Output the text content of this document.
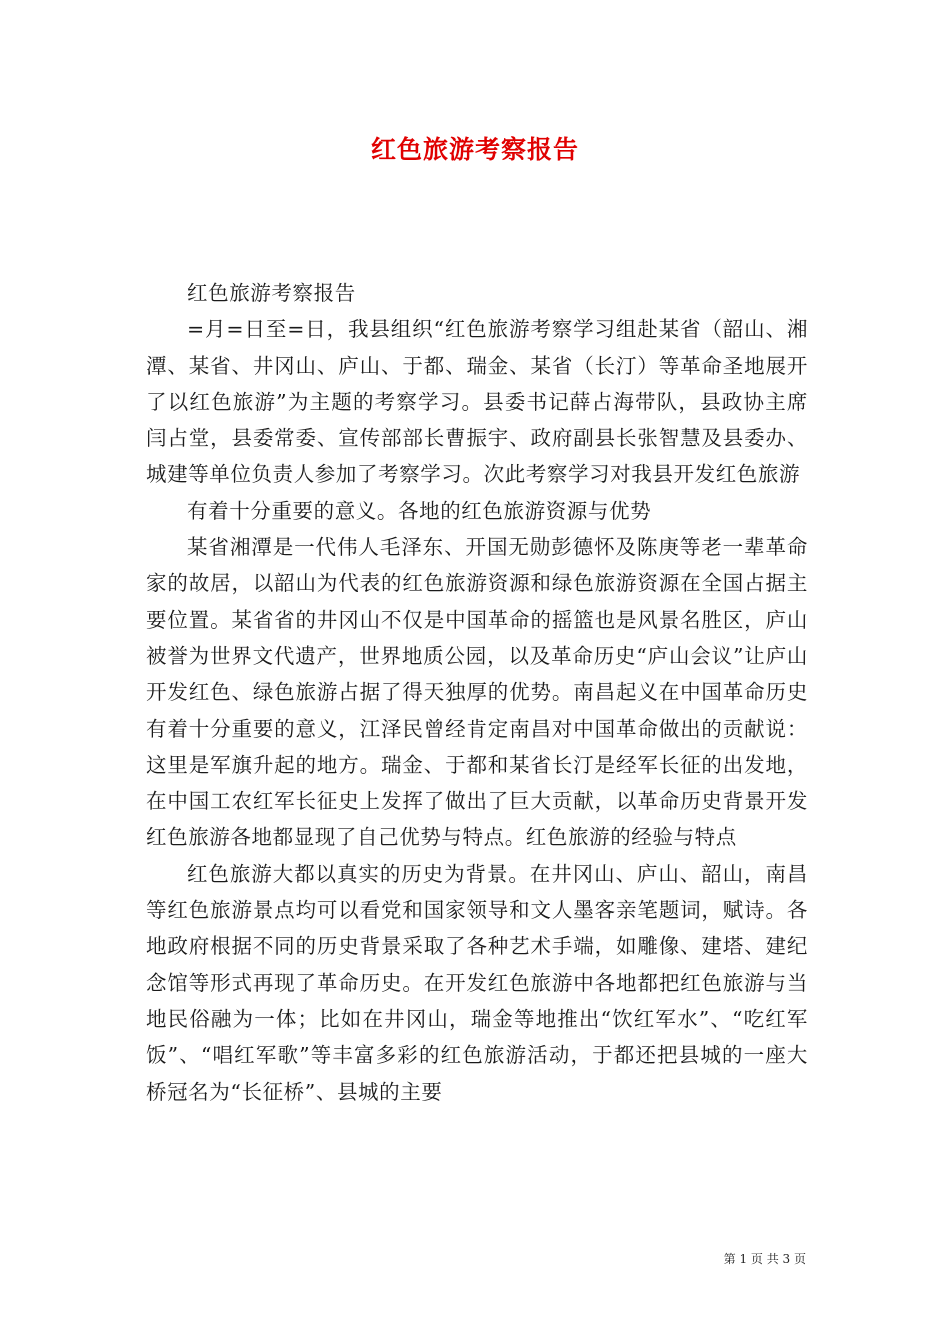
红色旅游考察报告

红色旅游考察报告

=月=日至=日，我县组织“红色旅游考察学习组赴某省（韶山、湘潭、某省、井冈山、庐山、于都、瑞金、某省（长汀）等革命圣地展开了以红色旅游”为主题的考察学习。县委书记薛占海带队，县政协主席闫占堂，县委常委、宣传部部长曹振宇、政府副县长张智慧及县委办、城建等单位负责人参加了考察学习。次此考察学习对我县开发红色旅游

有着十分重要的意义。各地的红色旅游资源与优势

某省湘潭是一代伟人毛泽东、开国无勋彭德怀及陈庚等老一辈革命家的故居，以韶山为代表的红色旅游资源和绿色旅游资源在全国占据主要位置。某省省的井冈山不仅是中国革命的摇篮也是风景名胜区，庐山被誉为世界文代遗产，世界地质公园，以及革命历史“庐山会议”让庐山开发红色、绿色旅游占据了得天独厚的优势。南昌起义在中国革命历史有着十分重要的意义，江泽民曾经肯定南昌对中国革命做出的贡献说：这里是军旗升起的地方。瑞金、于都和某省长汀是经军长征的出发地，在中国工农红军长征史上发挥了做出了巨大贡献，以革命历史背景开发红色旅游各地都显现了自己优势与特点。红色旅游的经验与特点

红色旅游大都以真实的历史为背景。在井冈山、庐山、韶山，南昌等红色旅游景点均可以看党和国家领导和文人墨客亲笔题词，赋诗。各地政府根据不同的历史背景采取了各种艺术手端，如雕像、建塔、建纪念馆等形式再现了革命历史。在开发红色旅游中各地都把红色旅游与当地民俗融为一体；比如在井冈山，瑞金等地推出“饮红军水”、“吃红军饭”、“唱红军歌”等丰富多彩的红色旅游活动，于都还把县城的一座大桥冠名为“长征桥”、县城的主要

第 1 页 共 3 页
